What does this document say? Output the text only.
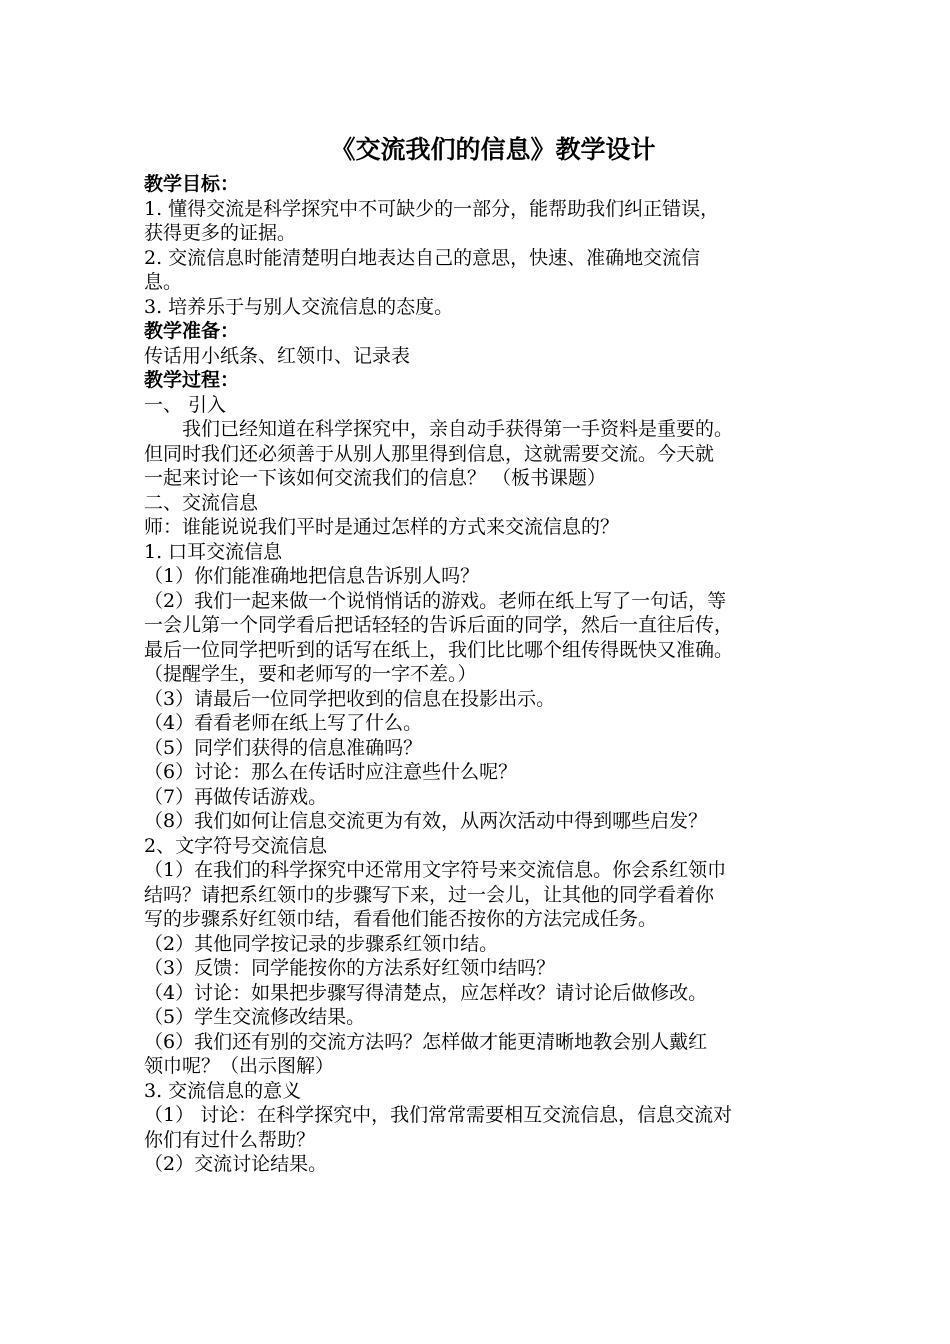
《交流我们的信息》教学设计

教学目标：

1. 懂得交流是科学探究中不可缺少的一部分，能帮助我们纠正错误，

获得更多的证据。

2. 交流信息时能清楚明白地表达自己的意思，快速、准确地交流信

息。

3. 培养乐于与别人交流信息的态度。

教学准备：

传话用小纸条、红领巾、记录表

教学过程：

一、 引入

我们已经知道在科学探究中，亲自动手获得第一手资料是重要的。

但同时我们还必须善于从别人那里得到信息，这就需要交流。今天就

一起来讨论一下该如何交流我们的信息？ （板书课题）

二、交流信息

师：谁能说说我们平时是通过怎样的方式来交流信息的？

1. 口耳交流信息

（1）你们能准确地把信息告诉别人吗？

（2）我们一起来做一个说悄悄话的游戏。老师在纸上写了一句话，等

一会儿第一个同学看后把话轻轻的告诉后面的同学，然后一直往后传，

最后一位同学把听到的话写在纸上，我们比比哪个组传得既快又准确。

（提醒学生，要和老师写的一字不差。）

（3）请最后一位同学把收到的信息在投影出示。

（4）看看老师在纸上写了什么。

（5）同学们获得的信息准确吗？

（6）讨论：那么在传话时应注意些什么呢？

（7）再做传话游戏。

（8）我们如何让信息交流更为有效，从两次活动中得到哪些启发？

2、文字符号交流信息

（1）在我们的科学探究中还常用文字符号来交流信息。你会系红领巾

结吗？请把系红领巾的步骤写下来，过一会儿，让其他的同学看着你

写的步骤系好红领巾结，看看他们能否按你的方法完成任务。

（2）其他同学按记录的步骤系红领巾结。

（3）反馈：同学能按你的方法系好红领巾结吗？

（4）讨论：如果把步骤写得清楚点，应怎样改？请讨论后做修改。

（5）学生交流修改结果。

（6）我们还有别的交流方法吗？怎样做才能更清晰地教会别人戴红

领巾呢？（出示图解）

3. 交流信息的意义

（1） 讨论：在科学探究中，我们常常需要相互交流信息，信息交流对

你们有过什么帮助？

（2）交流讨论结果。
